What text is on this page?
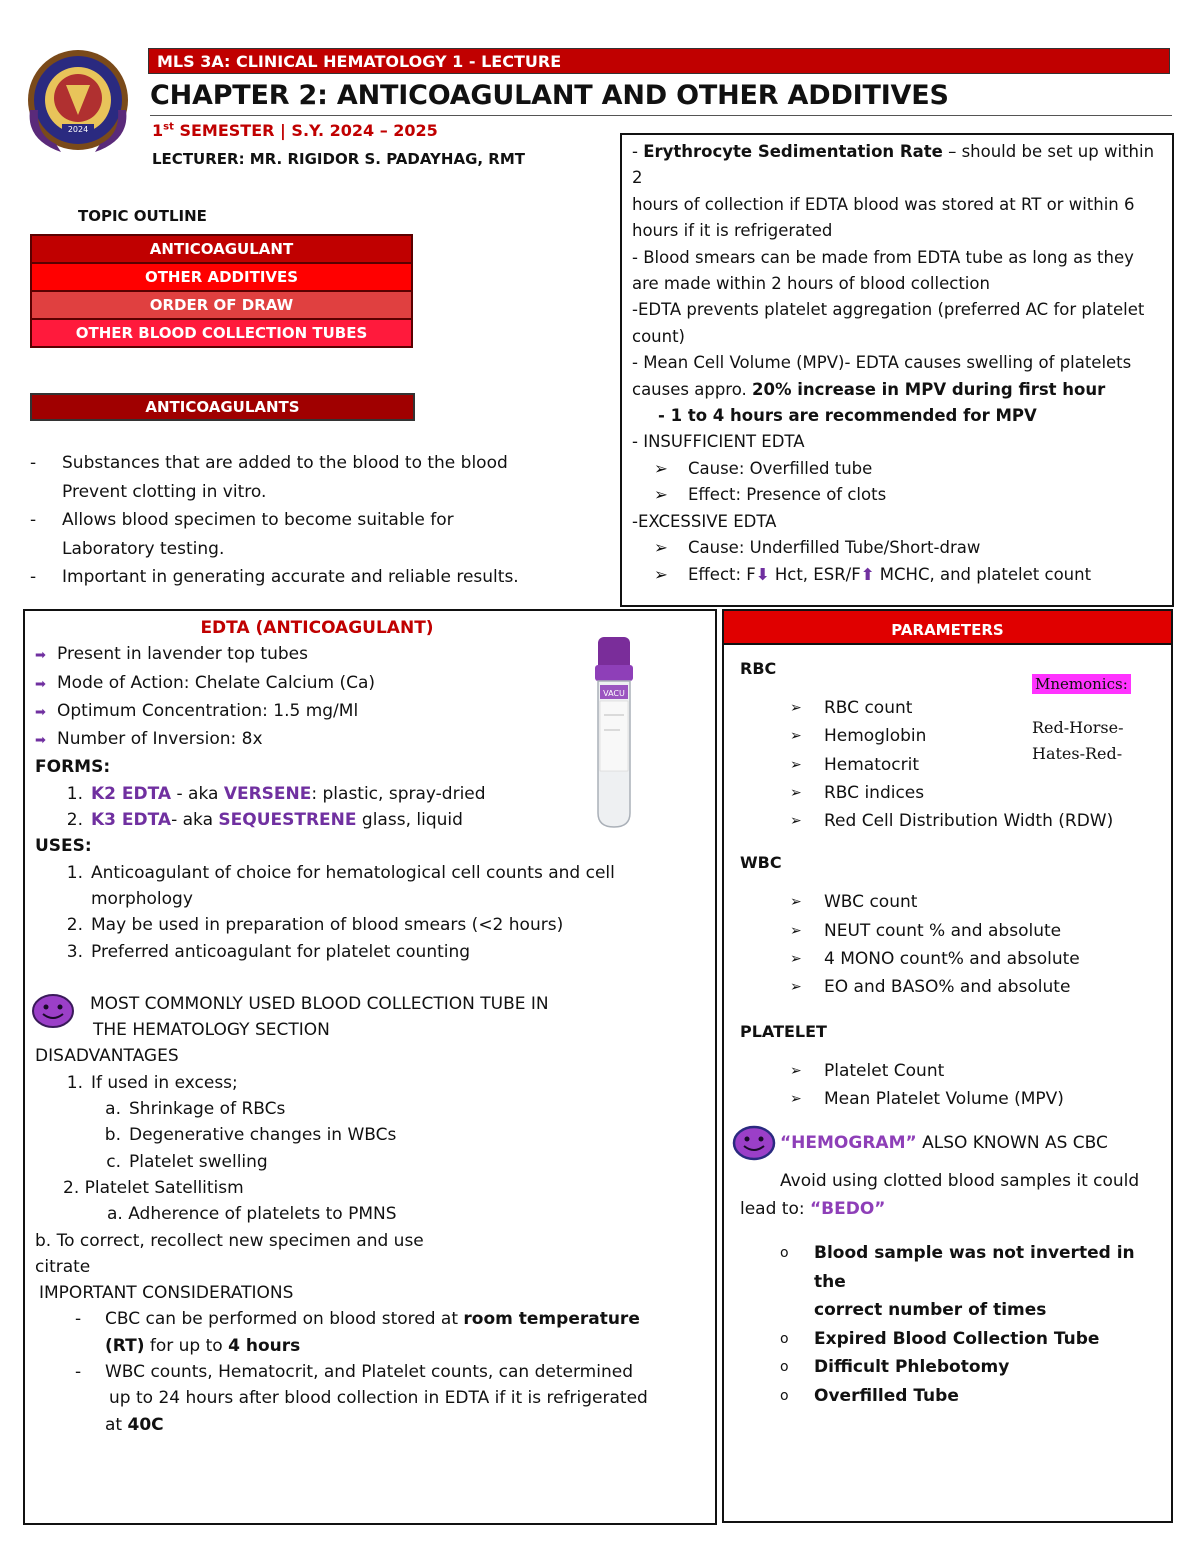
2024
MLS 3A: CLINICAL HEMATOLOGY 1 - LECTURE
CHAPTER 2: ANTICOAGULANT AND OTHER ADDITIVES
1st SEMESTER | S.Y. 2024 – 2025
LECTURER: MR. RIGIDOR S. PADAYHAG, RMT
TOPIC OUTLINE
ANTICOAGULANT
OTHER ADDITIVES
ORDER OF DRAW
OTHER BLOOD COLLECTION TUBES
ANTICOAGULANTS
- Substances that are added to the blood to the blood
Prevent clotting in vitro.
- Allows blood specimen to become suitable for
Laboratory testing.
- Important in generating accurate and reliable results.
- Erythrocyte Sedimentation Rate – should be set up within 2
hours of collection if EDTA blood was stored at RT or within 6
hours if it is refrigerated
- Blood smears can be made from EDTA tube as long as they
are made within 2 hours of blood collection
-EDTA prevents platelet aggregation (preferred AC for platelet
count)
- Mean Cell Volume (MPV)- EDTA causes swelling of platelets
causes appro. 20% increase in MPV during first hour
- 1 to 4 hours are recommended for MPV
- INSUFFICIENT EDTA
➢ Cause: Overfilled tube
➢ Effect: Presence of clots
-EXCESSIVE EDTA
➢ Cause: Underfilled Tube/Short-draw
➢ Effect: F⬇ Hct, ESR/F⬆ MCHC, and platelet count
EDTA (ANTICOAGULANT)
➡ Present in lavender top tubes
➡ Mode of Action: Chelate Calcium (Ca)
➡ Optimum Concentration: 1.5 mg/Ml
➡ Number of Inversion: 8x
FORMS:
1. K2 EDTA - aka VERSENE: plastic, spray-dried
2. K3 EDTA- aka SEQUESTRENE glass, liquid
USES:
1. Anticoagulant of choice for hematological cell counts and cell
morphology
2. May be used in preparation of blood smears (<2 hours)
3. Preferred anticoagulant for platelet counting
MOST COMMONLY USED BLOOD COLLECTION TUBE IN
THE HEMATOLOGY SECTION
DISADVANTAGES
1. If used in excess;
a. Shrinkage of RBCs
b. Degenerative changes in WBCs
c. Platelet swelling
2. Platelet Satellitism
a. Adherence of platelets to PMNS
b. To correct, recollect new specimen and use
citrate
IMPORTANT CONSIDERATIONS
- CBC can be performed on blood stored at room temperature
(RT) for up to 4 hours
- WBC counts, Hematocrit, and Platelet counts, can determined
up to 24 hours after blood collection in EDTA if it is refrigerated
at 40C
VACU
PARAMETERS
RBC
➢ RBC count
➢ Hemoglobin
➢ Hematocrit
➢ RBC indices
➢ Red Cell Distribution Width (RDW)
WBC
➢ WBC count
➢ NEUT count % and absolute
➢ 4 MONO count% and absolute
➢ EO and BASO% and absolute
PLATELET
➢ Platelet Count
➢ Mean Platelet Volume (MPV)
“HEMOGRAM” ALSO KNOWN AS CBC
Avoid using clotted blood samples it could
lead to: “BEDO”
o Blood sample was not inverted in the
correct number of times
o Expired Blood Collection Tube
o Difficult Phlebotomy
o Overfilled Tube
Mnemonics:
Red-Horse-
Hates-Red-
